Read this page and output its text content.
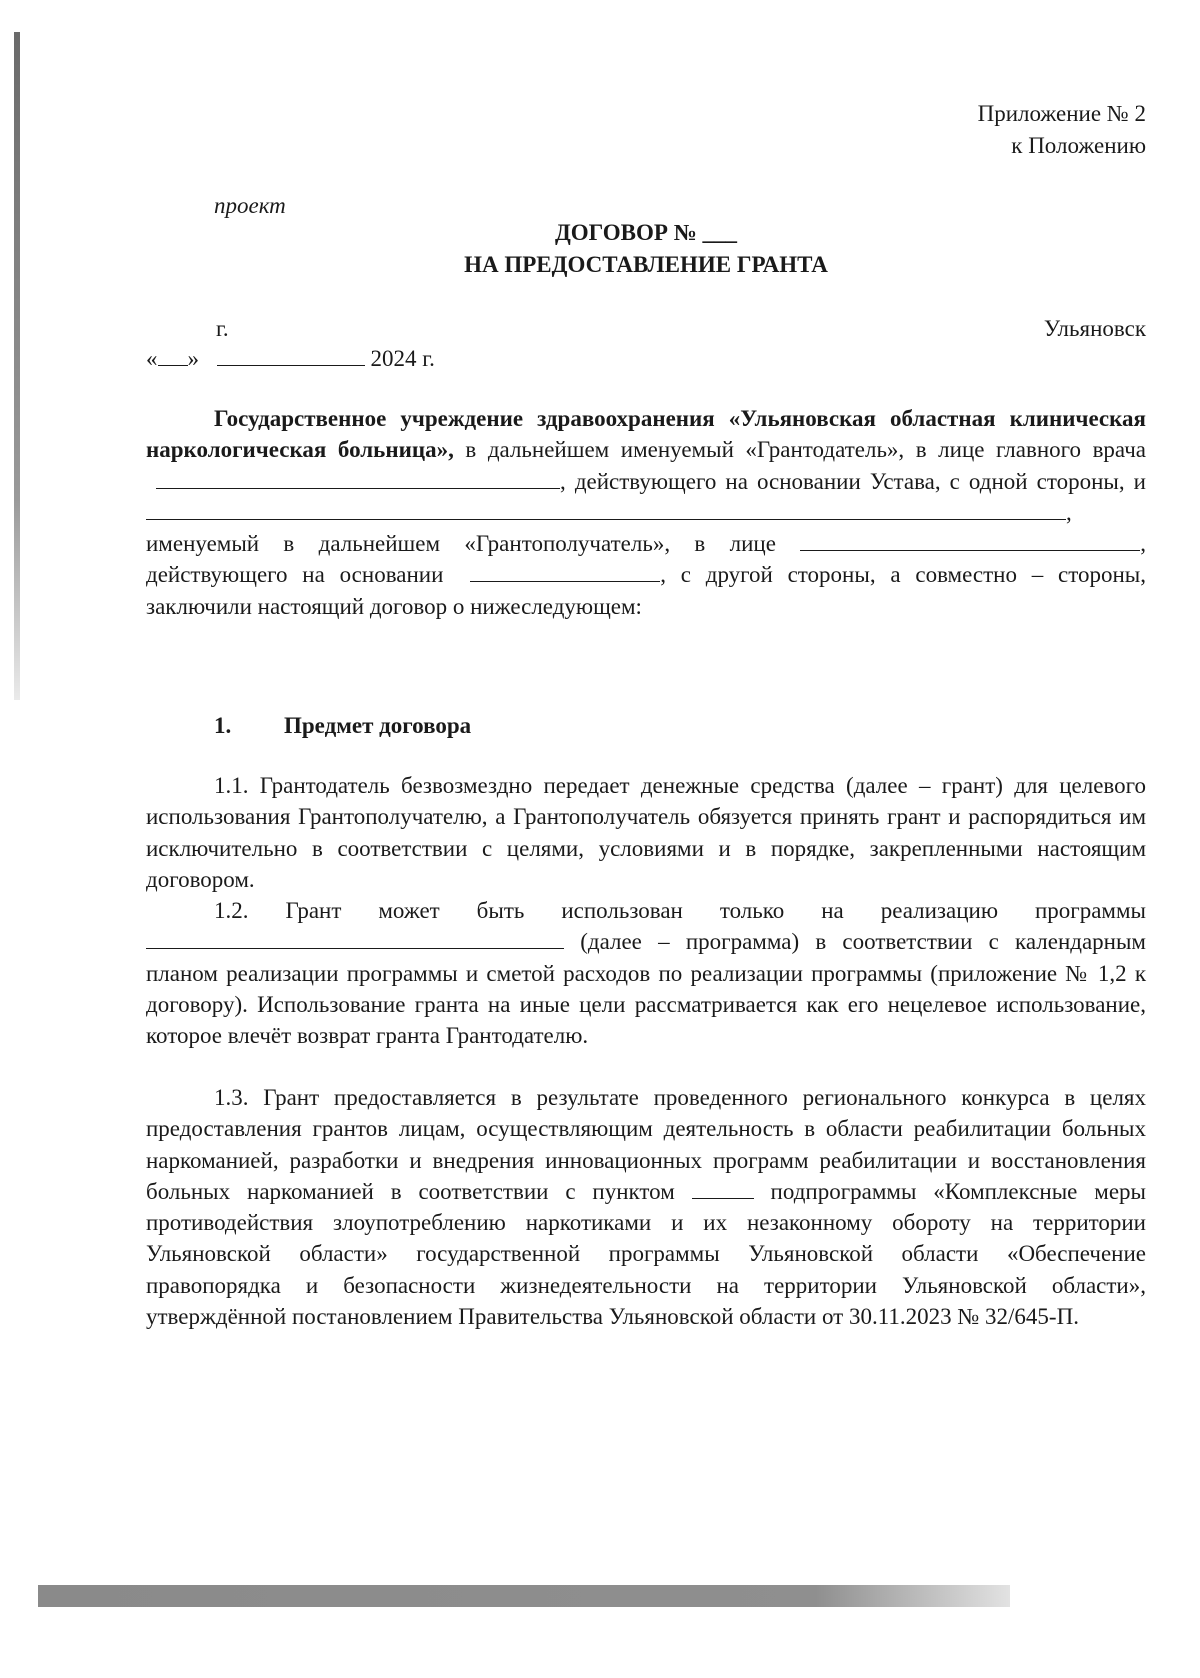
Приложение № 2
к Положению
проект
ДОГОВОР № ___
НА ПРЕДОСТАВЛЕНИЕ ГРАНТА
г.	Ульяновск
« »	2024 г.
Государственное учреждение здравоохранения «Ульяновская областная клиническая наркологическая больница», в дальнейшем именуемый «Грантодатель», в лице главного врача , действующего на основании Устава, с одной стороны, и , именуемый в дальнейшем «Грантополучатель», в лице	, действующего на основании	, с другой стороны, а совместно – стороны, заключили настоящий договор о нижеследующем:
1. Предмет договора
1.1. Грантодатель безвозмездно передает денежные средства (далее – грант) для целевого использования Грантополучателю, а Грантополучатель обязуется принять грант и распорядиться им исключительно в соответствии с целями, условиями и в порядке, закрепленными настоящим договором.
1.2. Грант может быть использован только на реализацию программы (далее – программа) в соответствии с календарным планом реализации программы и сметой расходов по реализации программы (приложение № 1,2 к договору). Использование гранта на иные цели рассматривается как его нецелевое использование, которое влечёт возврат гранта Грантодателю.
1.3. Грант предоставляется в результате проведенного регионального конкурса в целях предоставления грантов лицам, осуществляющим деятельность в области реабилитации больных наркоманией, разработки и внедрения инновационных программ реабилитации и восстановления больных наркоманией в соответствии с пунктом	подпрограммы «Комплексные меры противодействия злоупотреблению наркотиками и их незаконному обороту на территории Ульяновской области» государственной программы Ульяновской области «Обеспечение правопорядка и безопасности жизнедеятельности на территории Ульяновской области», утверждённой постановлением Правительства Ульяновской области от 30.11.2023 № 32/645-П.
